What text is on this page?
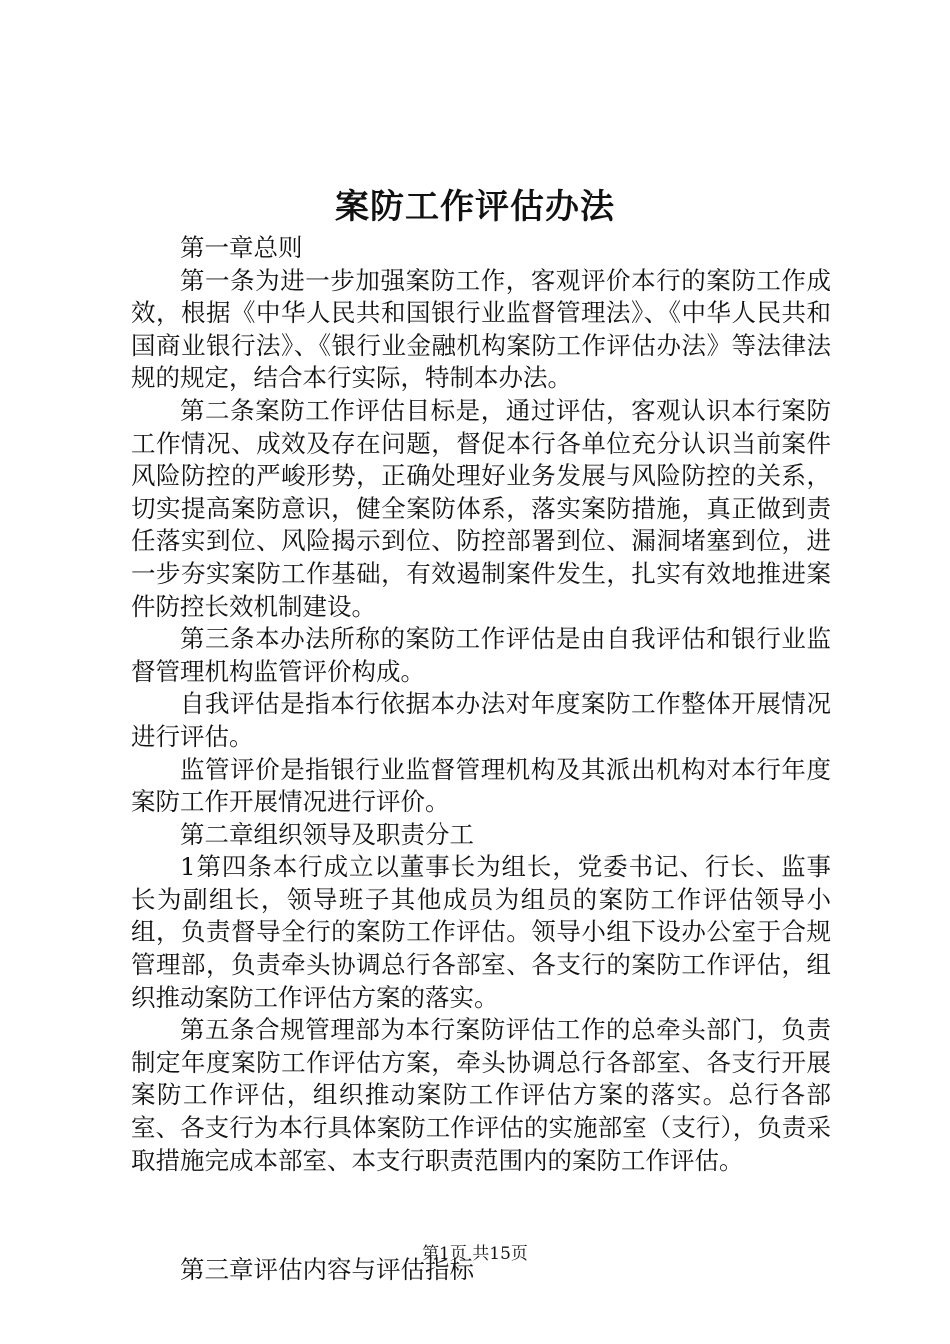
案防工作评估办法

第一章总则

第一条为进一步加强案防工作，客观评价本行的案防工作成效，根据《中华人民共和国银行业监督管理法》、《中华人民共和国商业银行法》、《银行业金融机构案防工作评估办法》等法律法规的规定，结合本行实际，特制本办法。

第二条案防工作评估目标是，通过评估，客观认识本行案防工作情况、成效及存在问题，督促本行各单位充分认识当前案件风险防控的严峻形势，正确处理好业务发展与风险防控的关系，切实提高案防意识，健全案防体系，落实案防措施，真正做到责任落实到位、风险揭示到位、防控部署到位、漏洞堵塞到位，进一步夯实案防工作基础，有效遏制案件发生，扎实有效地推进案件防控长效机制建设。

第三条本办法所称的案防工作评估是由自我评估和银行业监督管理机构监管评价构成。

自我评估是指本行依据本办法对年度案防工作整体开展情况进行评估。

监管评价是指银行业监督管理机构及其派出机构对本行年度案防工作开展情况进行评价。

第二章组织领导及职责分工

1第四条本行成立以董事长为组长，党委书记、行长、监事长为副组长，领导班子其他成员为组员的案防工作评估领导小组，负责督导全行的案防工作评估。领导小组下设办公室于合规管理部，负责牵头协调总行各部室、各支行的案防工作评估，组织推动案防工作评估方案的落实。

第五条合规管理部为本行案防评估工作的总牵头部门，负责制定年度案防工作评估方案，牵头协调总行各部室、各支行开展案防工作评估，组织推动案防工作评估方案的落实。总行各部室、各支行为本行具体案防工作评估的实施部室（支行），负责采取措施完成本部室、本支行职责范围内的案防工作评估。

第三章评估内容与评估指标

第1页 共15页
